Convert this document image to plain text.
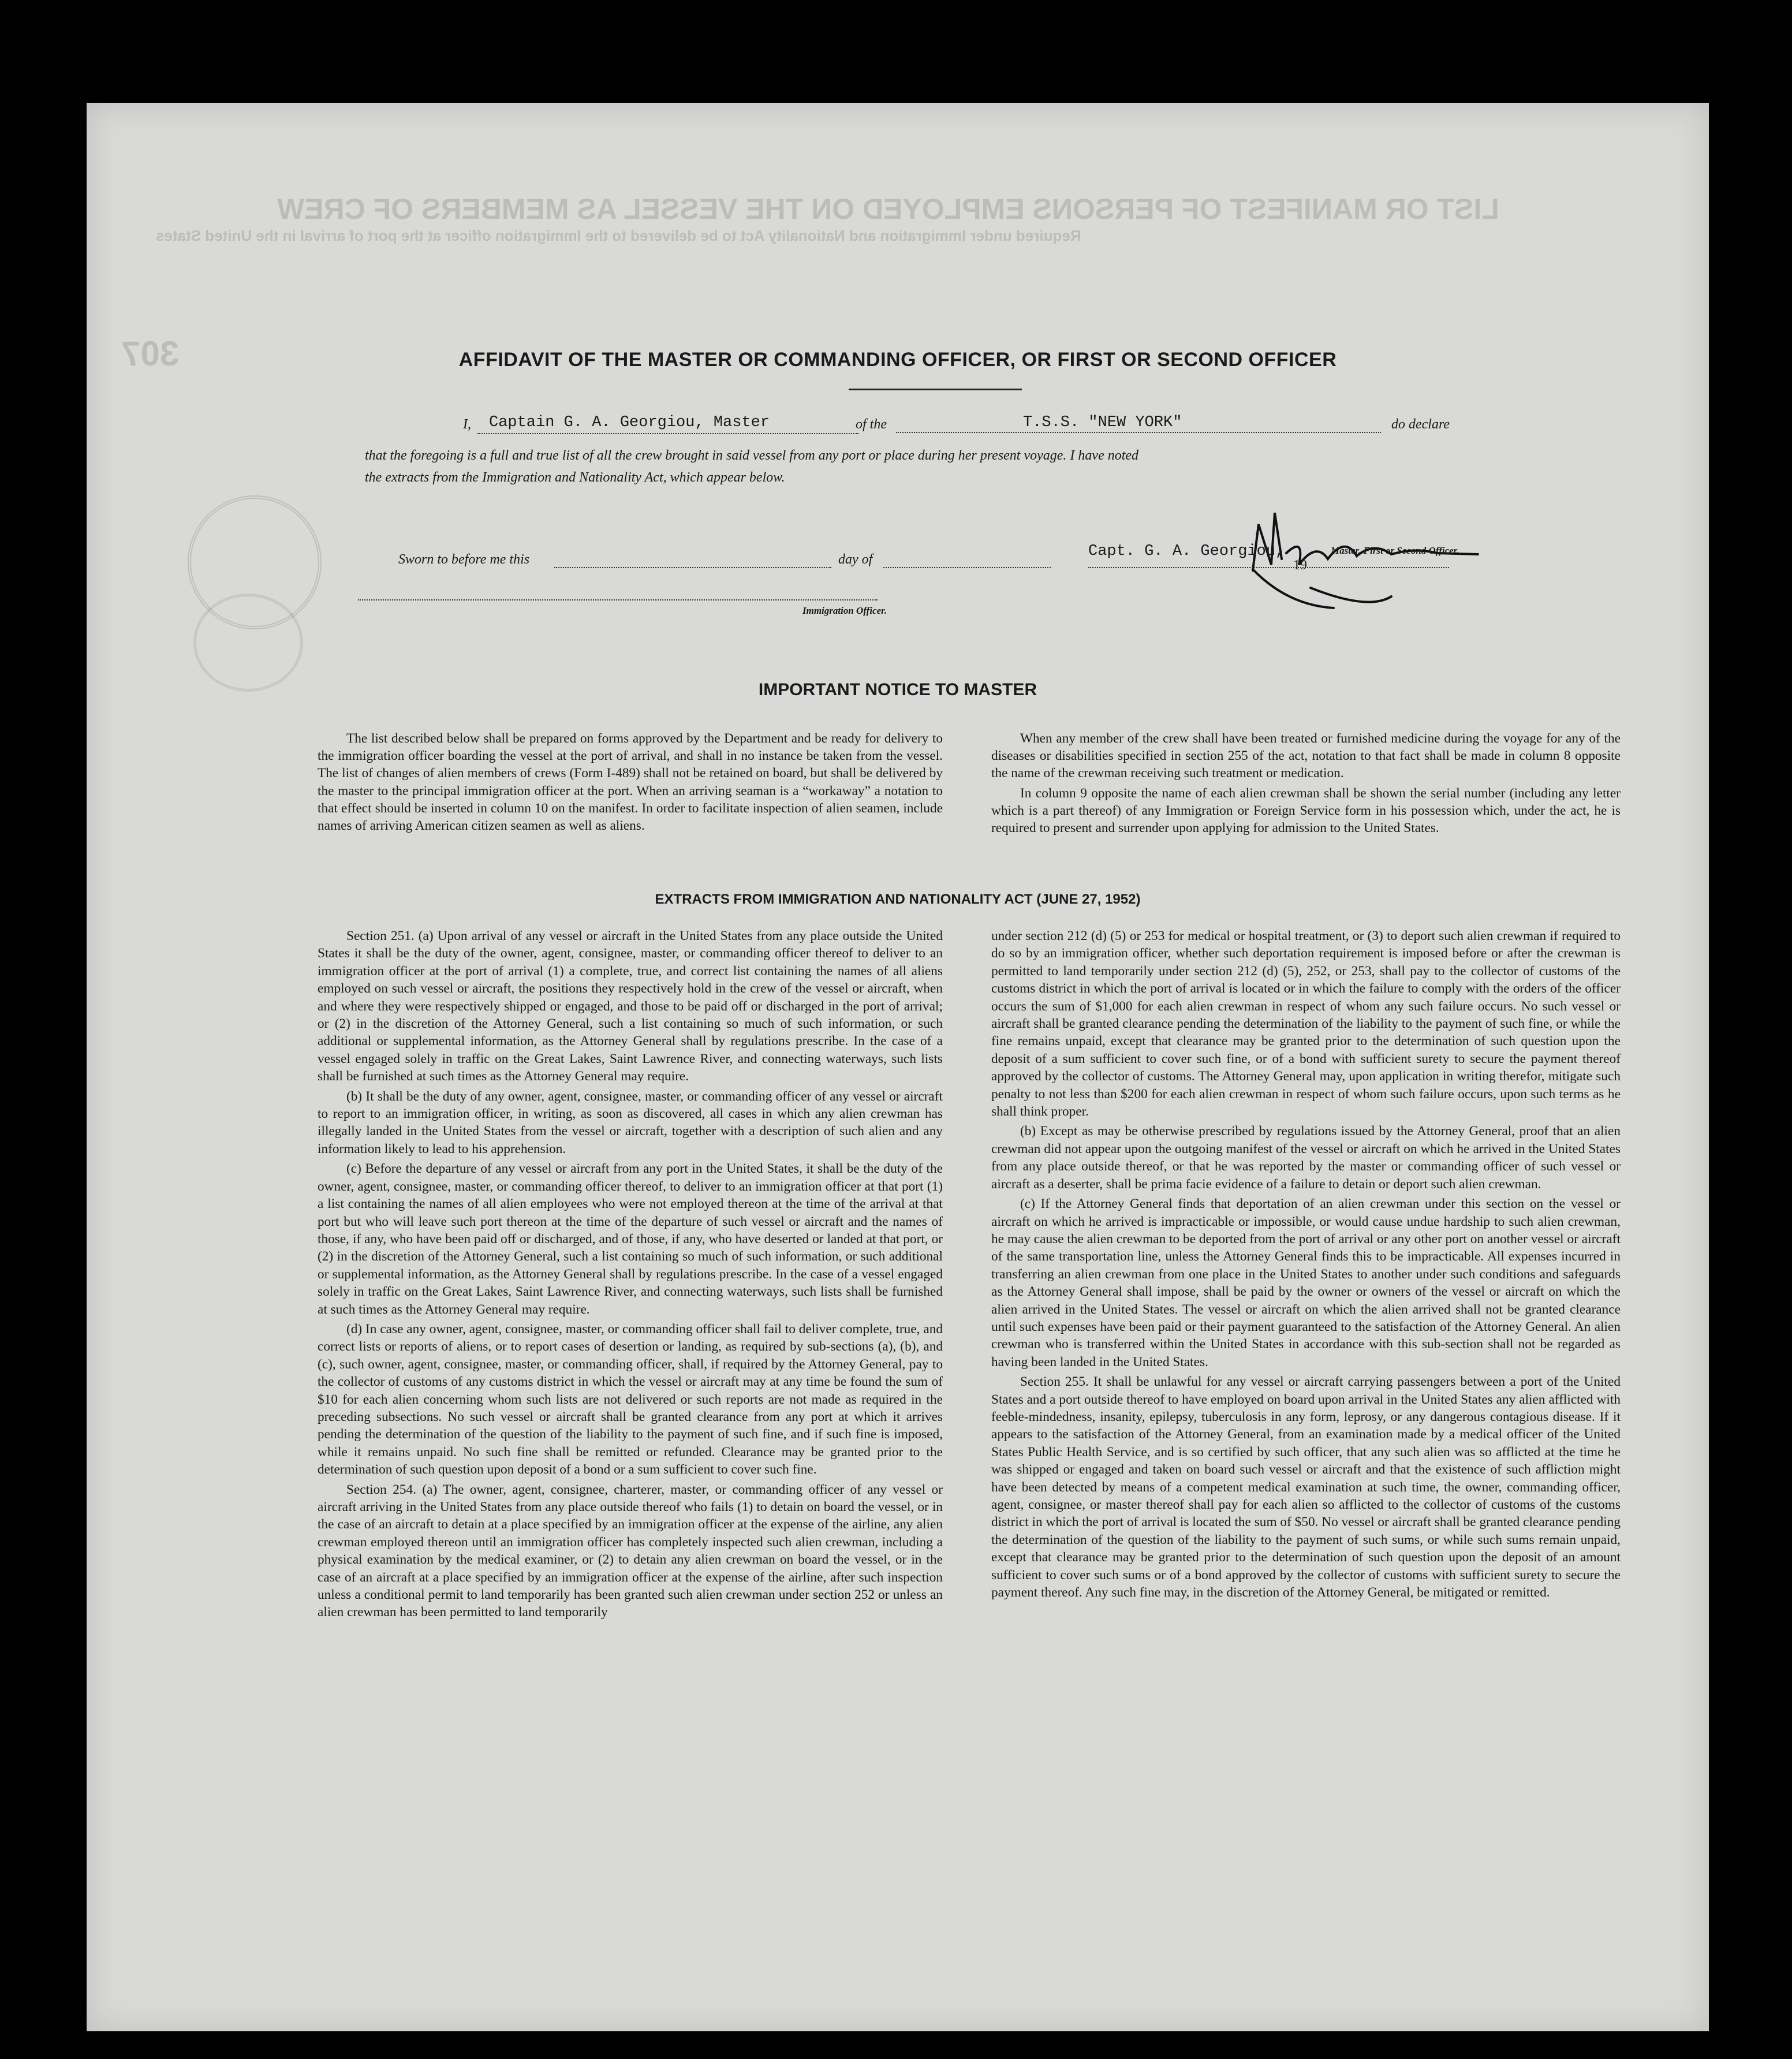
LIST OR MANIFEST OF PERSONS EMPLOYED ON THE VESSEL AS MEMBERS OF CREW
Required under Immigration and Nationality Act to be delivered to the Immigration officer at the port of arrival in the United States
307	AFFIDAVIT OF THE MASTER OR COMMANDING OFFICER, OR FIRST OR SECOND OFFICER
I,	Captain G. A. Georgiou, Master	of the	T.S.S. "NEW YORK"	do declare
that the foregoing is a full and true list of all the crew brought in said vessel from any port or place during her present voyage. I have noted
the extracts from the Immigration and Nationality Act, which appear below.
Sworn to before me this	day of	Capt. G. A. Georgiou,	Master, First or Second Officer.
19
Immigration Officer.
IMPORTANT NOTICE TO MASTER

The list described below shall be prepared on forms approved by the Department and be ready for delivery to the immigration officer boarding the vessel at the port of arrival, and shall in no instance be taken from the vessel. The list of changes of alien members of crews (Form I-489) shall not be retained on board, but shall be delivered by the master to the principal immigration officer at the port. When an arriving seaman is a “workaway” a notation to that effect should be inserted in column 10 on the manifest. In order to facilitate inspection of alien seamen, include names of arriving American citizen seamen as well as aliens.

When any member of the crew shall have been treated or furnished medicine during the voyage for any of the diseases or disabilities specified in section 255 of the act, notation to that fact shall be made in column 8 opposite the name of the crewman receiving such treatment or medication.

In column 9 opposite the name of each alien crewman shall be shown the serial number (including any letter which is a part thereof) of any Immigration or Foreign Service form in his possession which, under the act, he is required to present and surrender upon applying for admission to the United States.

EXTRACTS FROM IMMIGRATION AND NATIONALITY ACT (JUNE 27, 1952)

Section 251. (a) Upon arrival of any vessel or aircraft in the United States from any place outside the United States it shall be the duty of the owner, agent, consignee, master, or commanding officer thereof to deliver to an immigration officer at the port of arrival (1) a complete, true, and correct list containing the names of all aliens employed on such vessel or aircraft, the positions they respectively hold in the crew of the vessel or aircraft, when and where they were respectively shipped or engaged, and those to be paid off or discharged in the port of arrival; or (2) in the discretion of the Attorney General, such a list containing so much of such information, or such additional or supplemental information, as the Attorney General shall by regulations prescribe. In the case of a vessel engaged solely in traffic on the Great Lakes, Saint Lawrence River, and connecting waterways, such lists shall be furnished at such times as the Attorney General may require.

(b) It shall be the duty of any owner, agent, consignee, master, or commanding officer of any vessel or aircraft to report to an immigration officer, in writing, as soon as discovered, all cases in which any alien crewman has illegally landed in the United States from the vessel or aircraft, together with a description of such alien and any information likely to lead to his apprehension.

(c) Before the departure of any vessel or aircraft from any port in the United States, it shall be the duty of the owner, agent, consignee, master, or commanding officer thereof, to deliver to an immigration officer at that port (1) a list containing the names of all alien employees who were not employed thereon at the time of the arrival at that port but who will leave such port thereon at the time of the departure of such vessel or aircraft and the names of those, if any, who have been paid off or discharged, and of those, if any, who have deserted or landed at that port, or (2) in the discretion of the Attorney General, such a list containing so much of such information, or such additional or supplemental information, as the Attorney General shall by regulations prescribe. In the case of a vessel engaged solely in traffic on the Great Lakes, Saint Lawrence River, and connecting waterways, such lists shall be furnished at such times as the Attorney General may require.

(d) In case any owner, agent, consignee, master, or commanding officer shall fail to deliver complete, true, and correct lists or reports of aliens, or to report cases of desertion or landing, as required by sub-sections (a), (b), and (c), such owner, agent, consignee, master, or commanding officer, shall, if required by the Attorney General, pay to the collector of customs of any customs district in which the vessel or aircraft may at any time be found the sum of $10 for each alien concerning whom such lists are not delivered or such reports are not made as required in the preceding subsections. No such vessel or aircraft shall be granted clearance from any port at which it arrives pending the determination of the question of the liability to the payment of such fine, and if such fine is imposed, while it remains unpaid. No such fine shall be remitted or refunded. Clearance may be granted prior to the determination of such question upon deposit of a bond or a sum sufficient to cover such fine.

Section 254. (a) The owner, agent, consignee, charterer, master, or commanding officer of any vessel or aircraft arriving in the United States from any place outside thereof who fails (1) to detain on board the vessel, or in the case of an aircraft to detain at a place specified by an immigration officer at the expense of the airline, any alien crewman employed thereon until an immigration officer has completely inspected such alien crewman, including a physical examination by the medical examiner, or (2) to detain any alien crewman on board the vessel, or in the case of an aircraft at a place specified by an immigration officer at the expense of the airline, after such inspection unless a conditional permit to land temporarily has been granted such alien crewman under section 252 or unless an alien crewman has been permitted to land temporarily

under section 212 (d) (5) or 253 for medical or hospital treatment, or (3) to deport such alien crewman if required to do so by an immigration officer, whether such deportation requirement is imposed before or after the crewman is permitted to land temporarily under section 212 (d) (5), 252, or 253, shall pay to the collector of customs of the customs district in which the port of arrival is located or in which the failure to comply with the orders of the officer occurs the sum of $1,000 for each alien crewman in respect of whom any such failure occurs. No such vessel or aircraft shall be granted clearance pending the determination of the liability to the payment of such fine, or while the fine remains unpaid, except that clearance may be granted prior to the determination of such question upon the deposit of a sum sufficient to cover such fine, or of a bond with sufficient surety to secure the payment thereof approved by the collector of customs. The Attorney General may, upon application in writing therefor, mitigate such penalty to not less than $200 for each alien crewman in respect of whom such failure occurs, upon such terms as he shall think proper.

(b) Except as may be otherwise prescribed by regulations issued by the Attorney General, proof that an alien crewman did not appear upon the outgoing manifest of the vessel or aircraft on which he arrived in the United States from any place outside thereof, or that he was reported by the master or commanding officer of such vessel or aircraft as a deserter, shall be prima facie evidence of a failure to detain or deport such alien crewman.

(c) If the Attorney General finds that deportation of an alien crewman under this section on the vessel or aircraft on which he arrived is impracticable or impossible, or would cause undue hardship to such alien crewman, he may cause the alien crewman to be deported from the port of arrival or any other port on another vessel or aircraft of the same transportation line, unless the Attorney General finds this to be impracticable. All expenses incurred in transferring an alien crewman from one place in the United States to another under such conditions and safeguards as the Attorney General shall impose, shall be paid by the owner or owners of the vessel or aircraft on which the alien arrived in the United States. The vessel or aircraft on which the alien arrived shall not be granted clearance until such expenses have been paid or their payment guaranteed to the satisfaction of the Attorney General. An alien crewman who is transferred within the United States in accordance with this sub-section shall not be regarded as having been landed in the United States.

Section 255. It shall be unlawful for any vessel or aircraft carrying passengers between a port of the United States and a port outside thereof to have employed on board upon arrival in the United States any alien afflicted with feeble-mindedness, insanity, epilepsy, tuberculosis in any form, leprosy, or any dangerous contagious disease. If it appears to the satisfaction of the Attorney General, from an examination made by a medical officer of the United States Public Health Service, and is so certified by such officer, that any such alien was so afflicted at the time he was shipped or engaged and taken on board such vessel or aircraft and that the existence of such affliction might have been detected by means of a competent medical examination at such time, the owner, commanding officer, agent, consignee, or master thereof shall pay for each alien so afflicted to the collector of customs of the customs district in which the port of arrival is located the sum of $50. No vessel or aircraft shall be granted clearance pending the determination of the question of the liability to the payment of such sums, or while such sums remain unpaid, except that clearance may be granted prior to the determination of such question upon the deposit of an amount sufficient to cover such sums or of a bond approved by the collector of customs with sufficient surety to secure the payment thereof. Any such fine may, in the discretion of the Attorney General, be mitigated or remitted.
